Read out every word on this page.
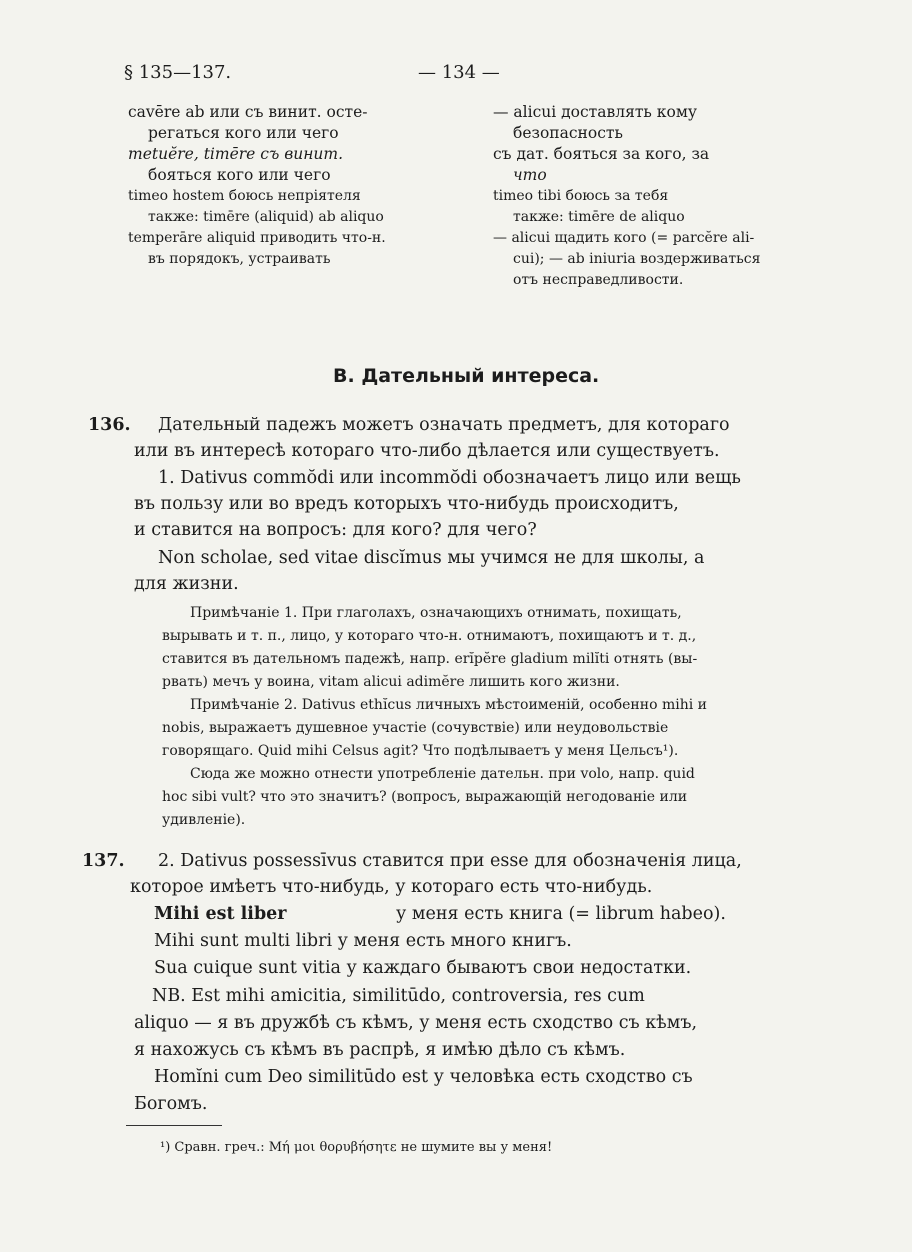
§ 135—137.	— 134 —
cavēre ab или съ винит. осте-
регаться кого или чего
metuĕre, timēre съ винит.
бояться кого или чего
timeo hostem боюсь непріятеля
также: timēre (aliquid) ab aliquo
temperāre aliquid приводить что-н.
въ порядокъ, устраивать
— alicui доставлять кому
безопасность
съ дат. бояться за кого, за
что
timeo tibi боюсь за тебя
также: timēre de aliquo
— alicui щадить кого (= parcĕre ali-
cui); — ab iniuria воздерживаться
отъ несправедливости.
B. Дательный интереса.
136. Дательный падежъ можетъ означать предметъ, для котораго
или въ интересѣ котораго что-либо дѣлается или существуетъ.
1. Dativus commŏdi или incommŏdi обозначаетъ лицо или вещь
въ пользу или во вредъ которыхъ что-нибудь происходитъ,
и ставится на вопросъ: для кого? для чего?
Non scholae, sed vitae discĭmus мы учимся не для школы, а
для жизни.
Примѣчаніе 1. При глаголахъ, означающихъ отнимать, похищать,
вырывать и т. п., лицо, у котораго что-н. отнимаютъ, похищаютъ и т. д.,
ставится въ дательномъ падежѣ, напр. erĭpĕre gladium milĭti отнять (вы-
рвать) мечъ у воина, vitam alicui adimĕre лишить кого жизни.
Примѣчаніе 2. Dativus ethĭcus личныхъ мѣстоименій, особенно mihi и
nobis, выражаетъ душевное участіе (сочувствіе) или неудовольствіе
говорящаго. Quid mihi Celsus agit? Что подѣлываетъ у меня Цельсъ¹).
Сюда же можно отнести употребленіе дательн. при volo, напр. quid
hoc sibi vult? что это значитъ? (вопросъ, выражающій негодованіе или
удивленіе).
137. 2. Dativus possessīvus ставится при esse для обозначенія лица,
которое имѣетъ что-нибудь, у котораго есть что-нибудь.
Mihi est liber	у меня есть книга (= librum habeo).
Mihi sunt multi libri у меня есть много книгъ.
Sua cuique sunt vitia у каждаго бываютъ свои недостатки.
NB. Est mihi amicitia, similitūdo, controversia, res cum
aliquo — я въ дружбѣ съ кѣмъ, у меня есть сходство съ кѣмъ,
я нахожусь съ кѣмъ въ распрѣ, я имѣю дѣло съ кѣмъ.
Homĭni cum Deo similitūdo est у человѣка есть сходство съ
Богомъ.
¹) Сравн. греч.: Μή μοι θορυβήσητε не шумите вы у меня!
